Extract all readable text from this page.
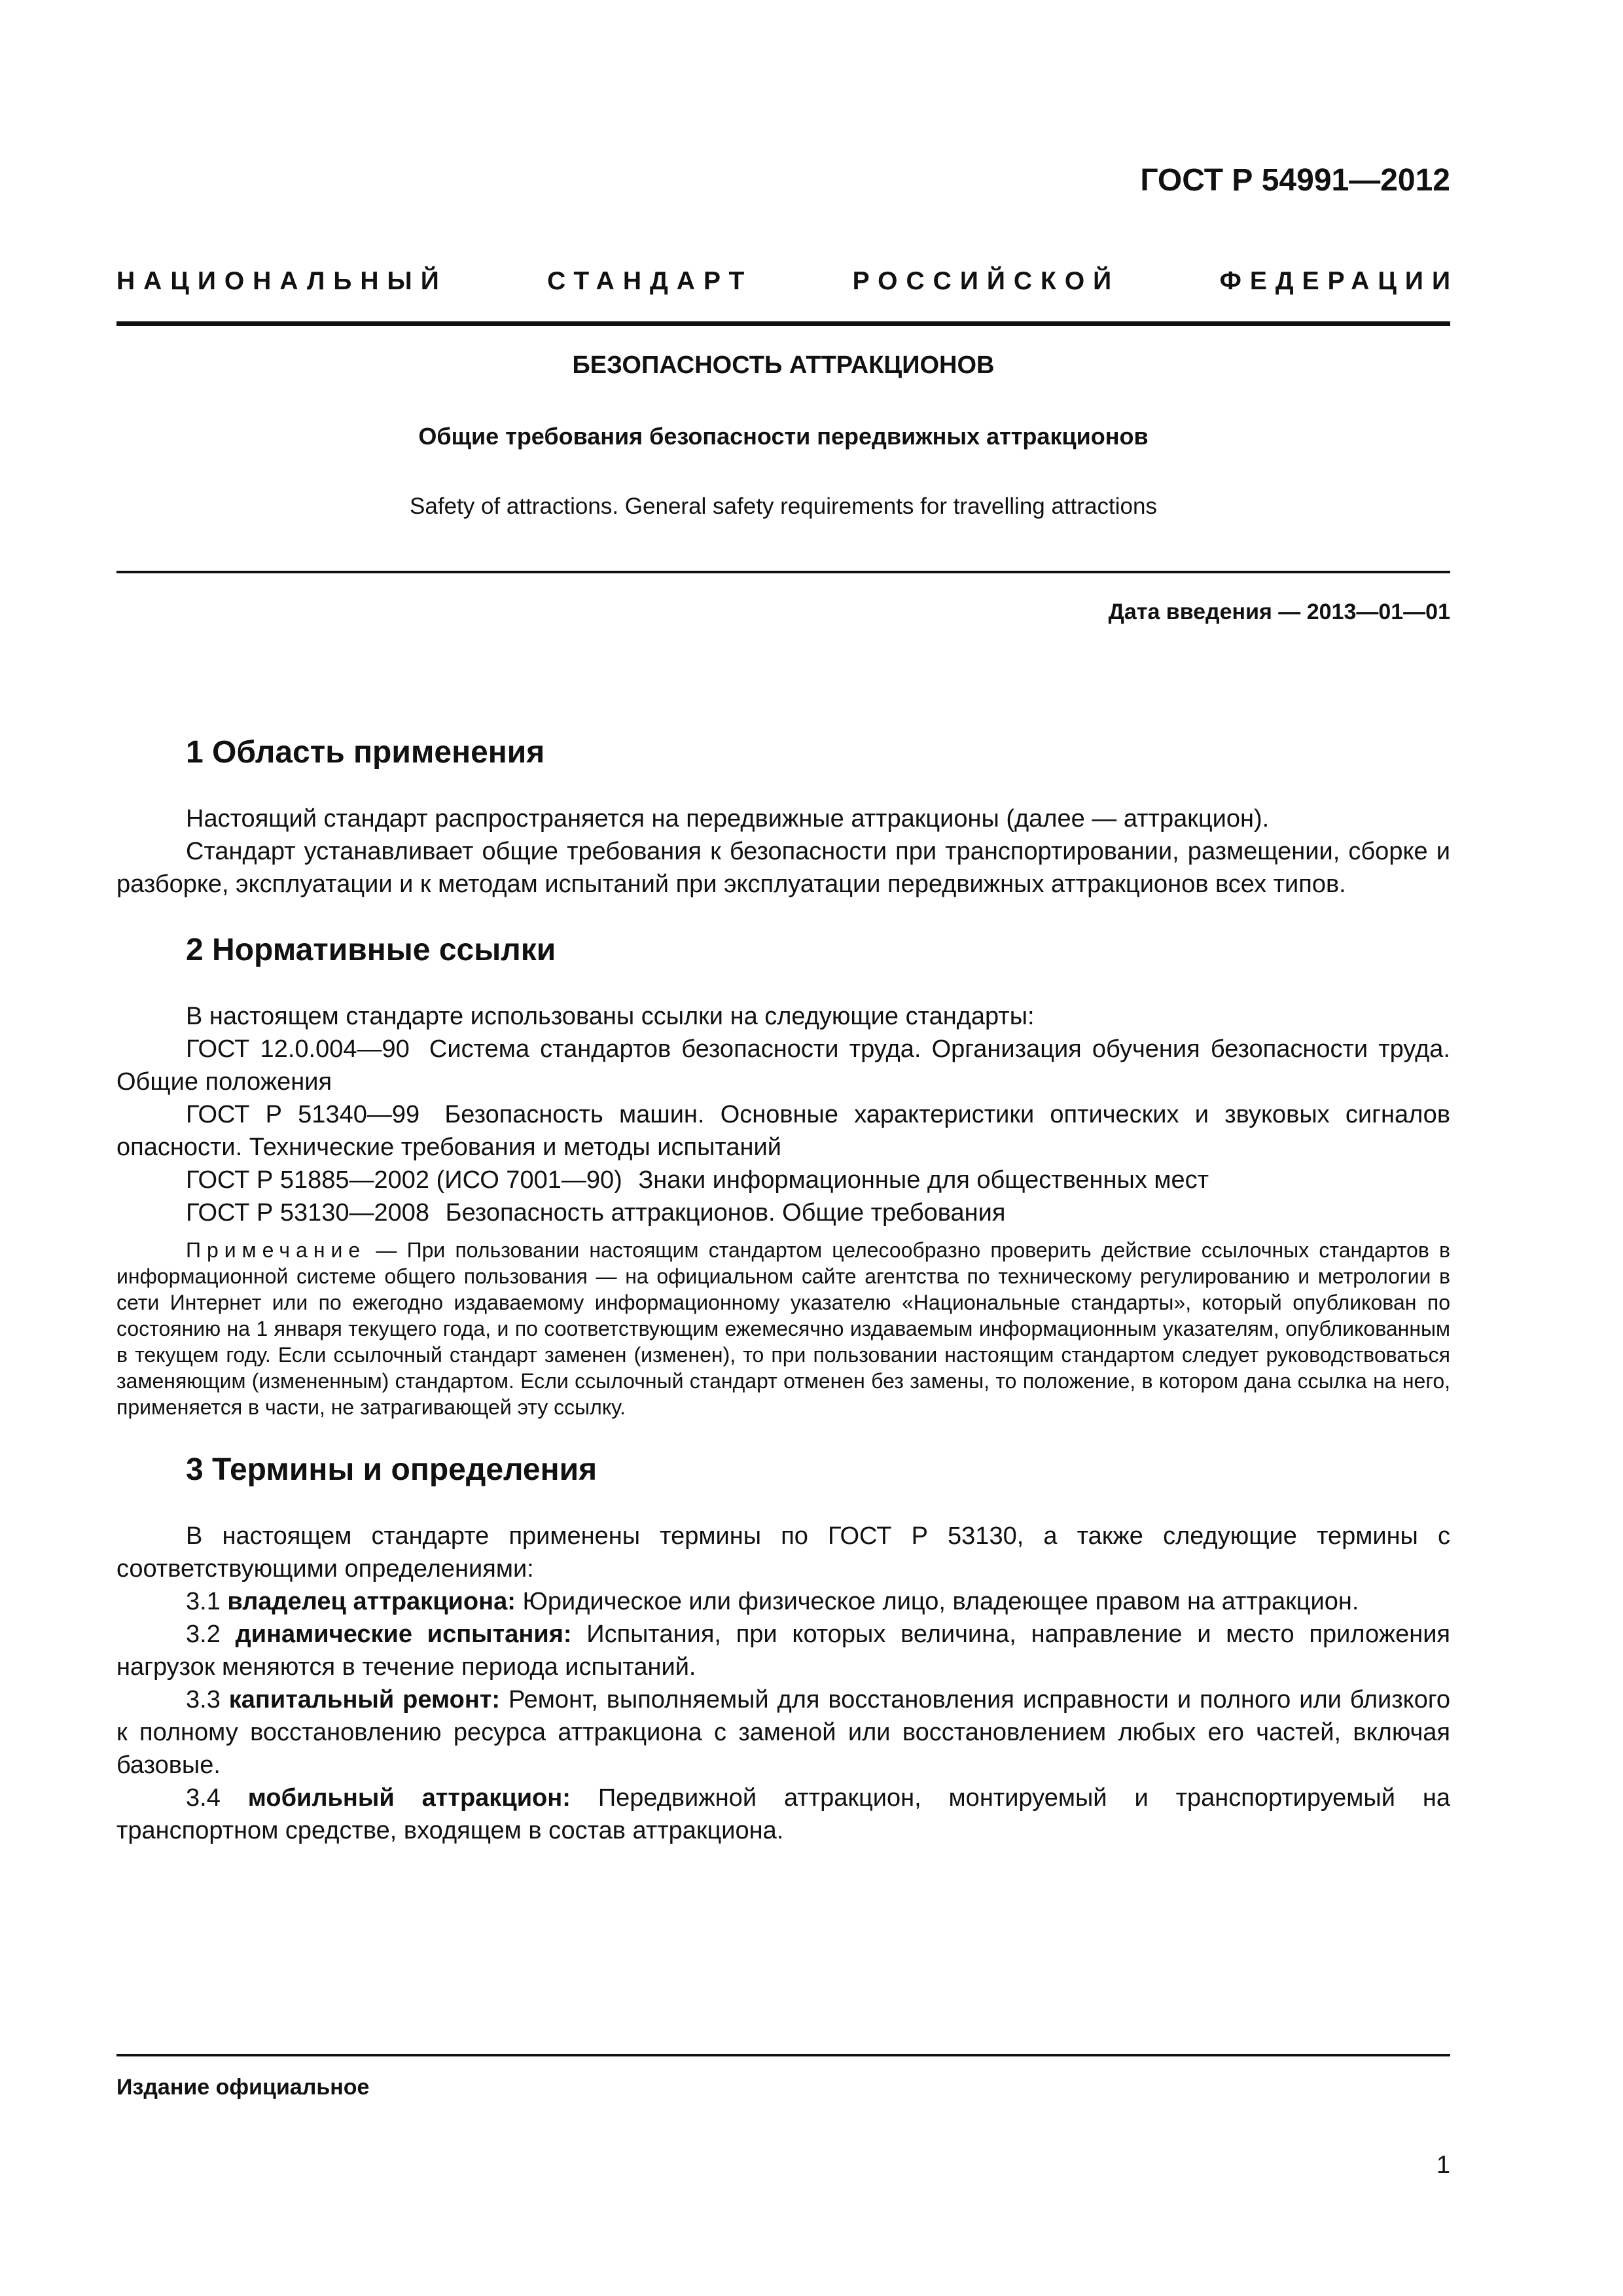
ГОСТ Р 54991—2012
НАЦИОНАЛЬНЫЙ	СТАНДАРТ	РОССИЙСКОЙ	ФЕДЕРАЦИИ
БЕЗОПАСНОСТЬ АТТРАКЦИОНОВ
Общие требования безопасности передвижных аттракционов
Safety of attractions. General safety requirements for travelling attractions
Дата введения — 2013—01—01
1 Область применения

Настоящий стандарт распространяется на передвижные аттракционы (далее — аттракцион).

Стандарт устанавливает общие требования к безопасности при транспортировании, размещении, сборке и разборке, эксплуатации и к методам испытаний при эксплуатации передвижных аттракционов всех типов.

2 Нормативные ссылки

В настоящем стандарте использованы ссылки на следующие стандарты:

ГОСТ 12.0.004—90 Система стандартов безопасности труда. Организация обучения безопасности труда. Общие положения

ГОСТ Р 51340—99 Безопасность машин. Основные характеристики оптических и звуковых сигналов опасности. Технические требования и методы испытаний

ГОСТ Р 51885—2002 (ИСО 7001—90) Знаки информационные для общественных мест

ГОСТ Р 53130—2008 Безопасность аттракционов. Общие требования

Примечание — При пользовании настоящим стандартом целесообразно проверить действие ссылочных стандартов в информационной системе общего пользования — на официальном сайте агентства по техническому регулированию и метрологии в сети Интернет или по ежегодно издаваемому информационному указателю «Национальные стандарты», который опубликован по состоянию на 1 января текущего года, и по соответствующим ежемесячно издаваемым информационным указателям, опубликованным в текущем году. Если ссылочный стандарт заменен (изменен), то при пользовании настоящим стандартом следует руководствоваться заменяющим (измененным) стандартом. Если ссылочный стандарт отменен без замены, то положение, в котором дана ссылка на него, применяется в части, не затрагивающей эту ссылку.

3 Термины и определения

В настоящем стандарте применены термины по ГОСТ Р 53130, а также следующие термины с соответствующими определениями:

3.1 владелец аттракциона: Юридическое или физическое лицо, владеющее правом на аттракцион.

3.2 динамические испытания: Испытания, при которых величина, направление и место приложения нагрузок меняются в течение периода испытаний.

3.3 капитальный ремонт: Ремонт, выполняемый для восстановления исправности и полного или близкого к полному восстановлению ресурса аттракциона с заменой или восстановлением любых его частей, включая базовые.

3.4 мобильный аттракцион: Передвижной аттракцион, монтируемый и транспортируемый на транспортном средстве, входящем в состав аттракциона.

Издание официальное
1
